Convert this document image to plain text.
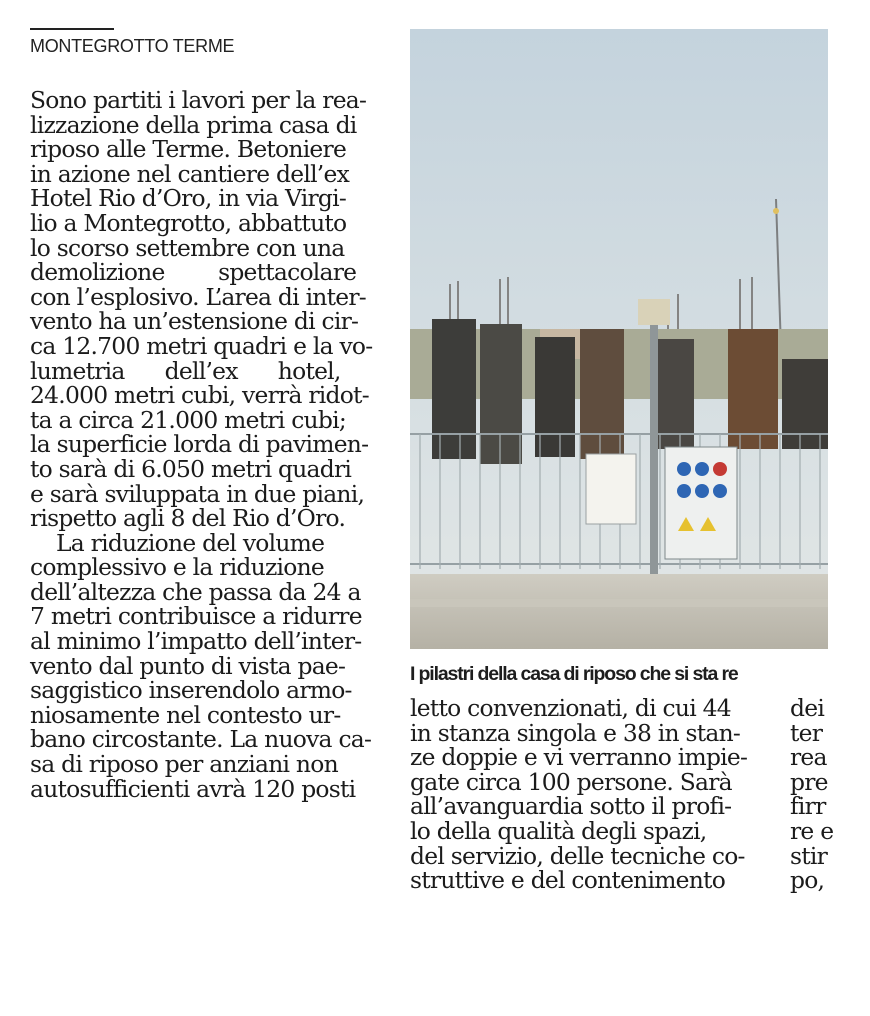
MONTEGROTTO TERME
Sono partiti i lavori per la rea-
lizzazione della prima casa di
riposo alle Terme. Betoniere
in azione nel cantiere dell’ex
Hotel Rio d’Oro, in via Virgi-
lio a Montegrotto, abbattuto
lo scorso settembre con una
demolizione        spettacolare
con l’esplosivo. L’area di inter-
vento ha un’estensione di cir-
ca 12.700 metri quadri e la vo-
lumetria      dell’ex      hotel,
24.000 metri cubi, verrà ridot-
ta a circa 21.000 metri cubi;
la superficie lorda di pavimen-
to sarà di 6.050 metri quadri
e sarà sviluppata in due piani,
rispetto agli 8 del Rio d’Oro.
La riduzione del volume
complessivo e la riduzione
dell’altezza che passa da 24 a
7 metri contribuisce a ridurre
al minimo l’impatto dell’inter-
vento dal punto di vista pae-
saggistico inserendolo armo-
niosamente nel contesto ur-
bano circostante. La nuova ca-
sa di riposo per anziani non
autosufficienti avrà 120 posti
I pilastri della casa di riposo che si sta re
letto convenzionati, di cui 44
in stanza singola e 38 in stan-
ze doppie e vi verranno impie-
gate circa 100 persone. Sarà
all’avanguardia sotto il profi-
lo della qualità degli spazi,
del servizio, delle tecniche co-
struttive e del contenimento
dei
ter
rea
pre
firr
re e
stir
po,
